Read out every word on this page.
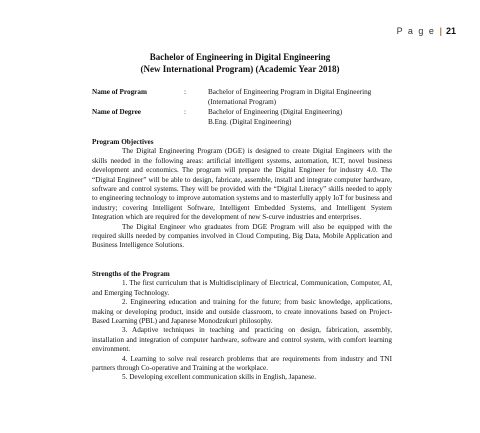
P a g e | 21
Bachelor of Engineering in Digital Engineering
(New International Program) (Academic Year 2018)
Name of Program	:	Bachelor of Engineering Program in Digital Engineering
(International Program)
Name of Degree	:	Bachelor of Engineering (Digital Engineering)
B.Eng. (Digital Engineering)
Program Objectives
The Digital Engineering Program (DGE) is designed to create Digital Engineers with the skills needed in the following areas: artificial intelligent systems, automation, ICT, novel business development and economics. The program will prepare the Digital Engineer for industry 4.0. The “Digital Engineer” will be able to design, fabricate, assemble, install and integrate computer hardware, software and control systems. They will be provided with the “Digital Literacy” skills needed to apply to engineering technology to improve automation systems and to masterfully apply IoT for business and industry; covering Intelligent Software, Intelligent Embedded Systems, and Intelligent System Integration which are required for the development of new S-curve industries and enterprises.
The Digital Engineer who graduates from DGE Program will also be equipped with the required skills needed by companies involved in Cloud Computing, Big Data, Mobile Application and Business Intelligence Solutions.
Strengths of the Program
1. The first curriculum that is Multidisciplinary of Electrical, Communication, Computer, AI, and Emerging Technology.
2. Engineering education and training for the future; from basic knowledge, applications, making or developing product, inside and outside classroom, to create innovations based on Project-Based Learning (PBL) and Japanese Monodzukuri philosophy.
3. Adaptive techniques in teaching and practicing on design, fabrication, assembly, installation and integration of computer hardware, software and control system, with comfort learning environment.
4. Learning to solve real research problems that are requirements from industry and TNI partners through Co-operative and Training at the workplace.
5. Developing excellent communication skills in English, Japanese.
